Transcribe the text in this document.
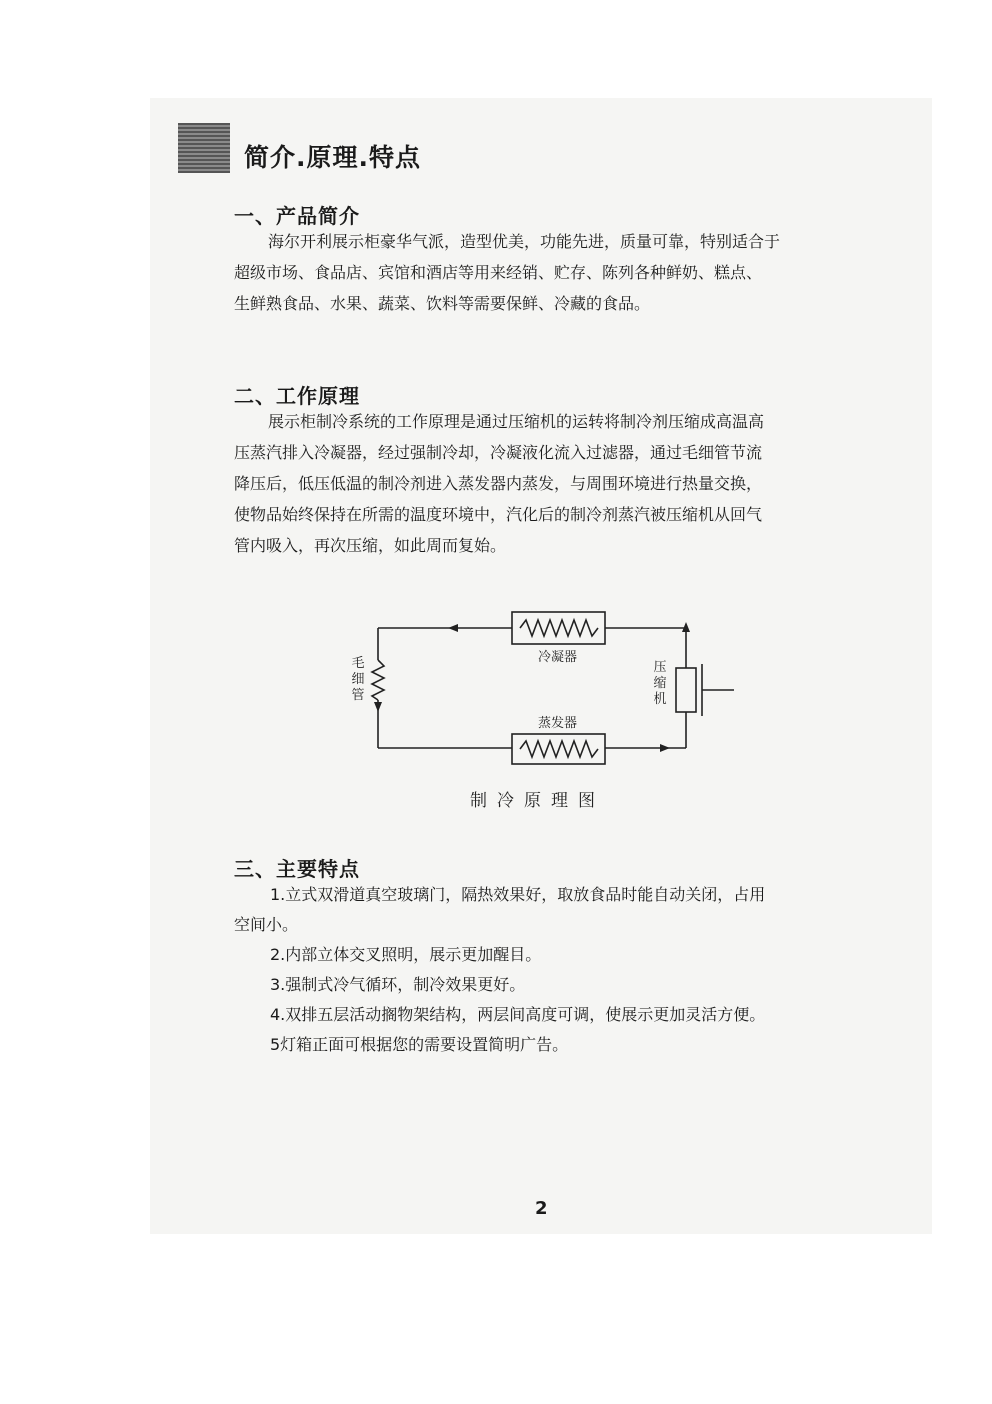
简介.原理.特点
一、产品简介
海尔开利展示柜豪华气派，造型优美，功能先进，质量可靠，特别适合于
超级市场、食品店、宾馆和酒店等用来经销、贮存、陈列各种鲜奶、糕点、
生鲜熟食品、水果、蔬菜、饮料等需要保鲜、冷藏的食品。
二、工作原理
展示柜制冷系统的工作原理是通过压缩机的运转将制冷剂压缩成高温高
压蒸汽排入冷凝器，经过强制冷却，冷凝液化流入过滤器，通过毛细管节流
降压后，低压低温的制冷剂进入蒸发器内蒸发，与周围环境进行热量交换，
使物品始终保持在所需的温度环境中，汽化后的制冷剂蒸汽被压缩机从回气
管内吸入，再次压缩，如此周而复始。
冷凝器
蒸发器
毛
细
管
压
缩
机
制冷原理图
三、主要特点
1.立式双滑道真空玻璃门，隔热效果好，取放食品时能自动关闭，占用
空间小。
2.内部立体交叉照明，展示更加醒目。
3.强制式冷气循环，制冷效果更好。
4.双排五层活动搁物架结构，两层间高度可调，使展示更加灵活方便。
5灯箱正面可根据您的需要设置简明广告。
2
